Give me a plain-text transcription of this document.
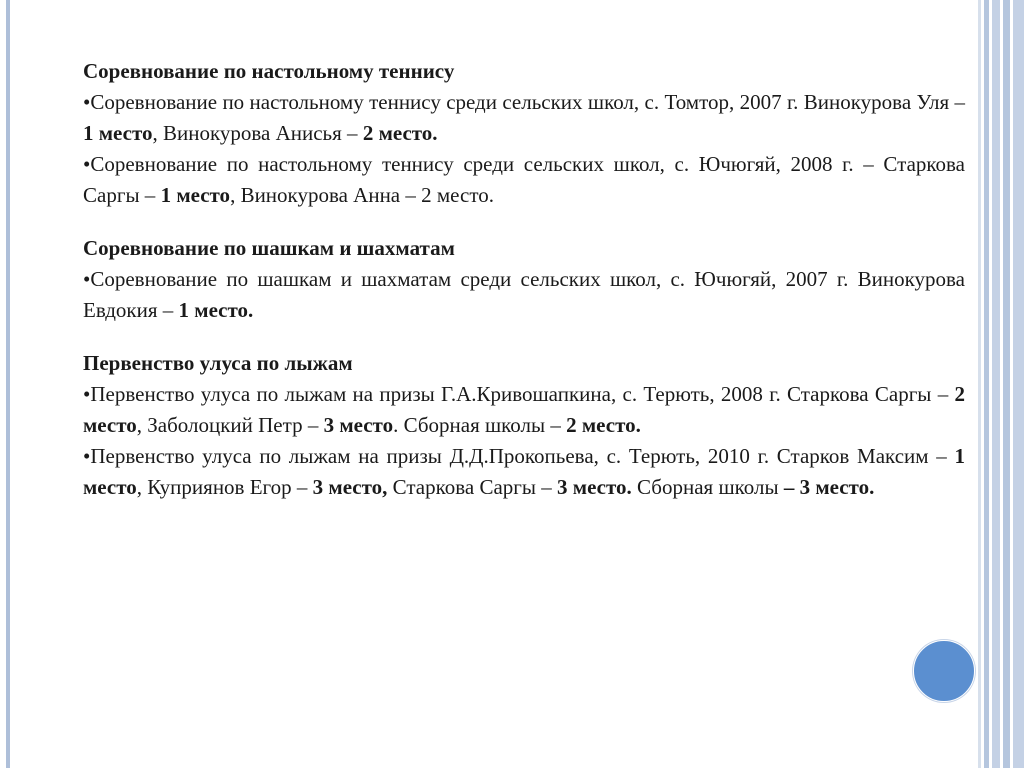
Соревнование по настольному теннису

•Соревнование по настольному теннису среди сельских школ, с. Томтор, 2007 г. Винокурова Уля – 1 место, Винокурова Анисья – 2 место.

•Соревнование по настольному теннису среди сельских школ, с. Ючюгяй, 2008 г. – Старкова Саргы – 1 место, Винокурова Анна – 2 место.

Соревнование по шашкам и шахматам

•Соревнование по шашкам и шахматам среди сельских школ, с. Ючюгяй, 2007 г. Винокурова Евдокия – 1 место.

Первенство улуса по лыжам

•Первенство улуса по лыжам на призы Г.А.Кривошапкина, с. Терють, 2008 г. Старкова Саргы – 2 место, Заболоцкий Петр – 3 место. Сборная школы – 2 место.

•Первенство улуса по лыжам на призы Д.Д.Прокопьева, с. Терють, 2010 г. Старков Максим – 1 место, Куприянов Егор – 3 место, Старкова Саргы – 3 место. Сборная школы – 3 место.
